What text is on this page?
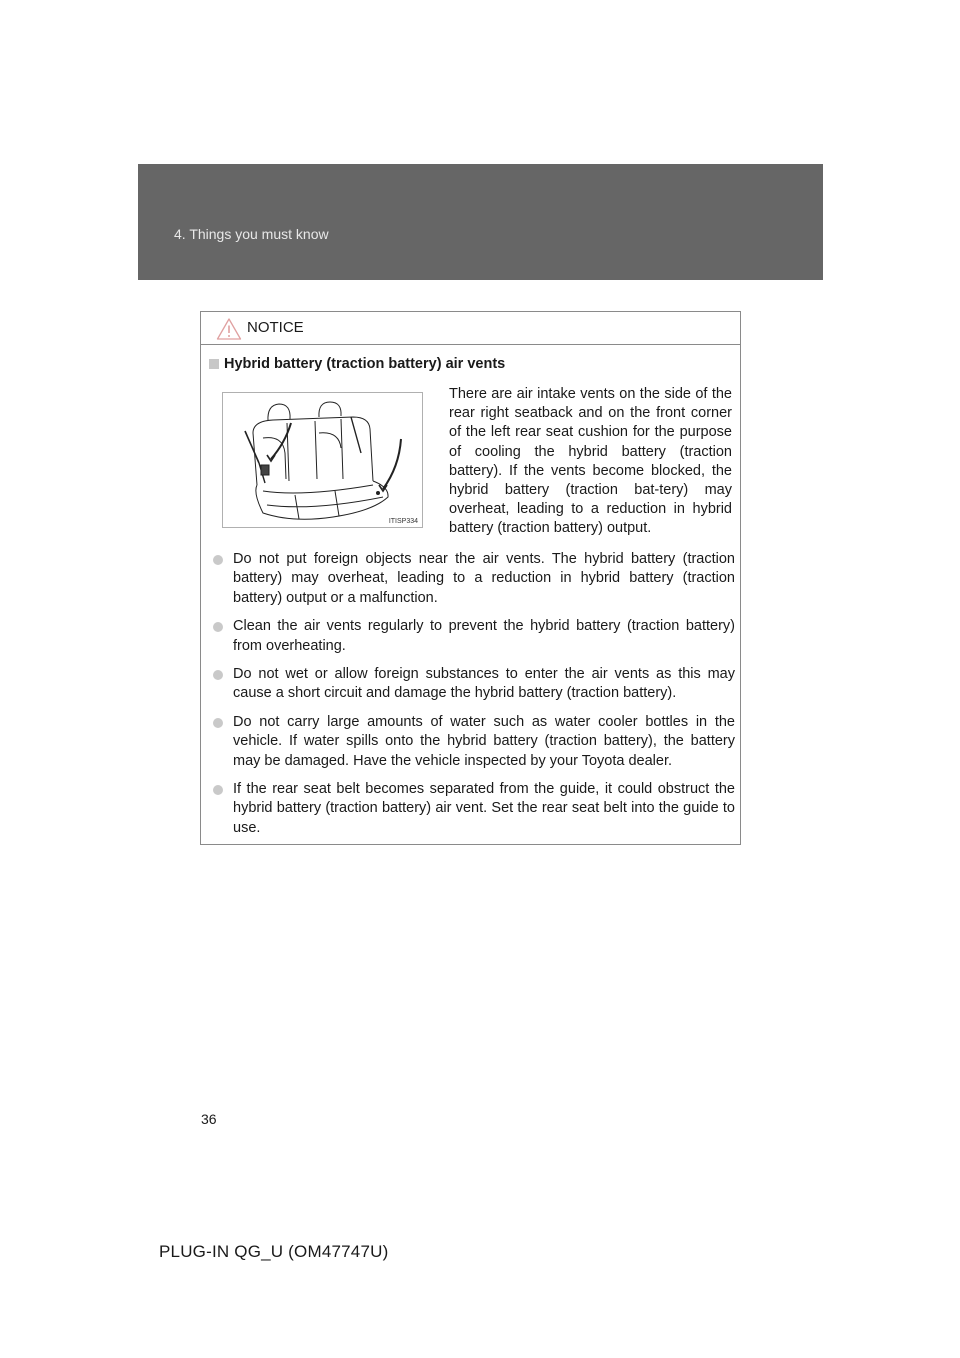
4. Things you must know
NOTICE
Hybrid battery (traction battery) air vents
ITISP334
There are air intake vents on the side of the rear right seatback and on the front corner of the left rear seat cushion for the purpose of cooling the hybrid battery (traction battery). If the vents become blocked, the hybrid battery (traction bat-tery) may overheat, leading to a reduction in hybrid battery (traction battery) output.
Do not put foreign objects near the air vents. The hybrid battery (traction battery) may overheat, leading to a reduction in hybrid battery (traction battery) output or a malfunction.
Clean the air vents regularly to prevent the hybrid battery (traction battery) from overheating.
Do not wet or allow foreign substances to enter the air vents as this may cause a short circuit and damage the hybrid battery (traction battery).
Do not carry large amounts of water such as water cooler bottles in the vehicle. If water spills onto the hybrid battery (traction battery), the battery may be damaged. Have the vehicle inspected by your Toyota dealer.
If the rear seat belt becomes separated from the guide, it could obstruct the hybrid battery (traction battery) air vent. Set the rear seat belt into the guide to use.
36
PLUG-IN QG_U (OM47747U)
